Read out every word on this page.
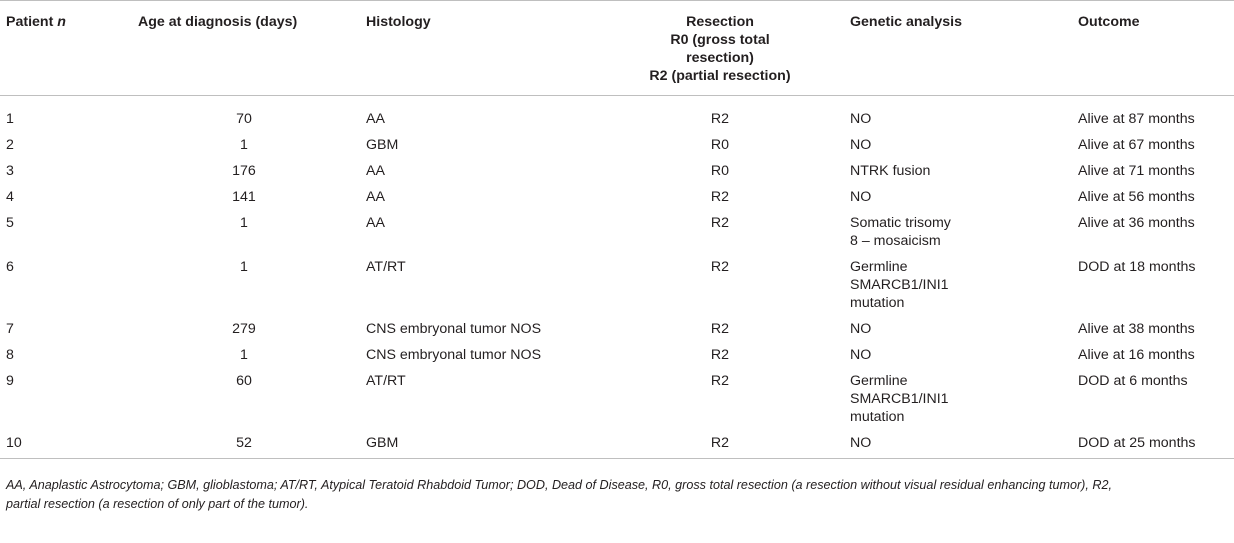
Patient n	Age at diagnosis (days)	Histology	Resection
R0 (gross total
resection)
R2 (partial resection)	Genetic analysis	Outcome
1	70	AA	R2	NO	Alive at 87 months
2	1	GBM	R0	NO	Alive at 67 months
3	176	AA	R0	NTRK fusion	Alive at 71 months
4	141	AA	R2	NO	Alive at 56 months
5	1	AA	R2	Somatic trisomy
8 – mosaicism	Alive at 36 months
6	1	AT/RT	R2	Germline
SMARCB1/INI1
mutation	DOD at 18 months
7	279	CNS embryonal tumor NOS	R2	NO	Alive at 38 months
8	1	CNS embryonal tumor NOS	R2	NO	Alive at 16 months
9	60	AT/RT	R2	Germline
SMARCB1/INI1
mutation	DOD at 6 months
10	52	GBM	R2	NO	DOD at 25 months
AA, Anaplastic Astrocytoma; GBM, glioblastoma; AT/RT, Atypical Teratoid Rhabdoid Tumor; DOD, Dead of Disease, R0, gross total resection (a resection without visual residual enhancing tumor), R2, partial resection (a resection of only part of the tumor).
